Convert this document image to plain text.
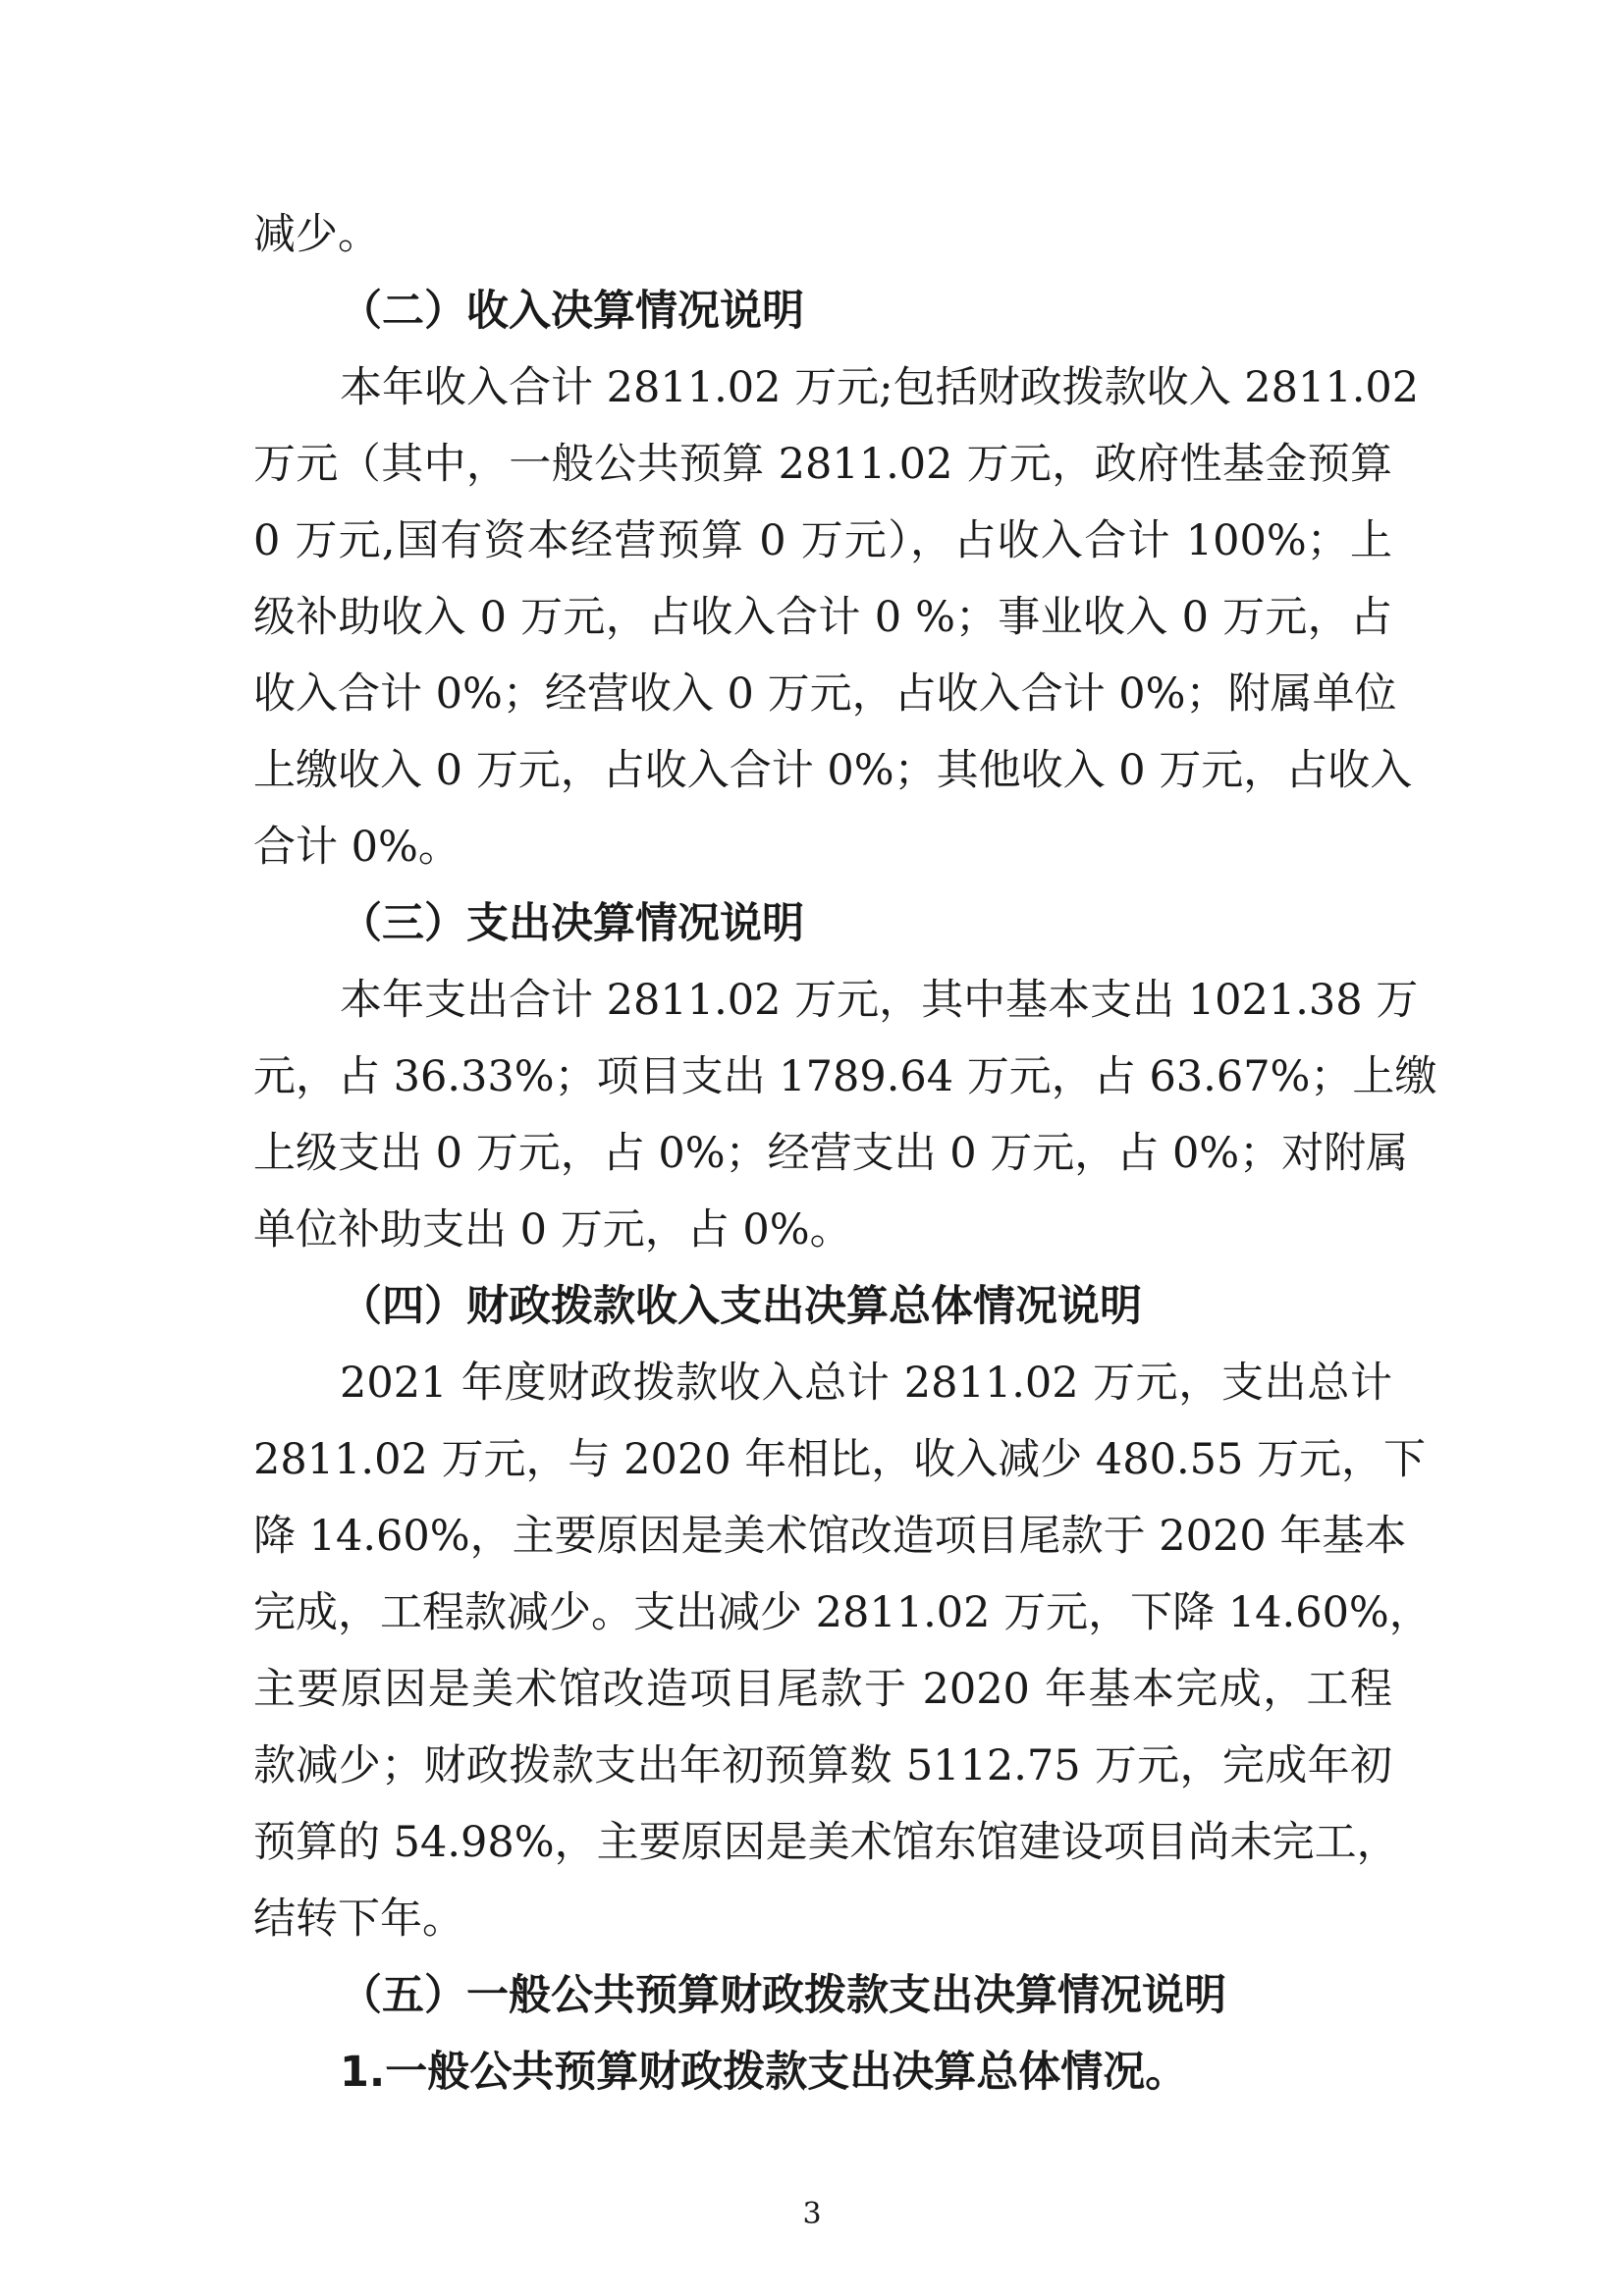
减少。
（二）收入决算情况说明
本年收入合计 2811.02 万元;包括财政拨款收入 2811.02
万元（其中，一般公共预算 2811.02 万元，政府性基金预算
0 万元,国有资本经营预算 0 万元），占收入合计 100%；上
级补助收入 0 万元，占收入合计 0 %；事业收入 0 万元，占
收入合计 0%；经营收入 0 万元，占收入合计 0%；附属单位
上缴收入 0 万元，占收入合计 0%；其他收入 0 万元，占收入
合计 0%。
（三）支出决算情况说明
本年支出合计 2811.02 万元，其中基本支出 1021.38 万
元，占 36.33%；项目支出 1789.64 万元，占 63.67%；上缴
上级支出 0 万元，占 0%；经营支出 0 万元，占 0%；对附属
单位补助支出 0 万元，占 0%。
（四）财政拨款收入支出决算总体情况说明
2021 年度财政拨款收入总计 2811.02 万元，支出总计
2811.02 万元，与 2020 年相比，收入减少 480.55 万元，下
降 14.60%，主要原因是美术馆改造项目尾款于 2020 年基本
完成，工程款减少。支出减少 2811.02 万元，下降 14.60%，
主要原因是美术馆改造项目尾款于 2020 年基本完成，工程
款减少；财政拨款支出年初预算数 5112.75 万元，完成年初
预算的 54.98%，主要原因是美术馆东馆建设项目尚未完工，
结转下年。
（五）一般公共预算财政拨款支出决算情况说明
1.一般公共预算财政拨款支出决算总体情况。
3
